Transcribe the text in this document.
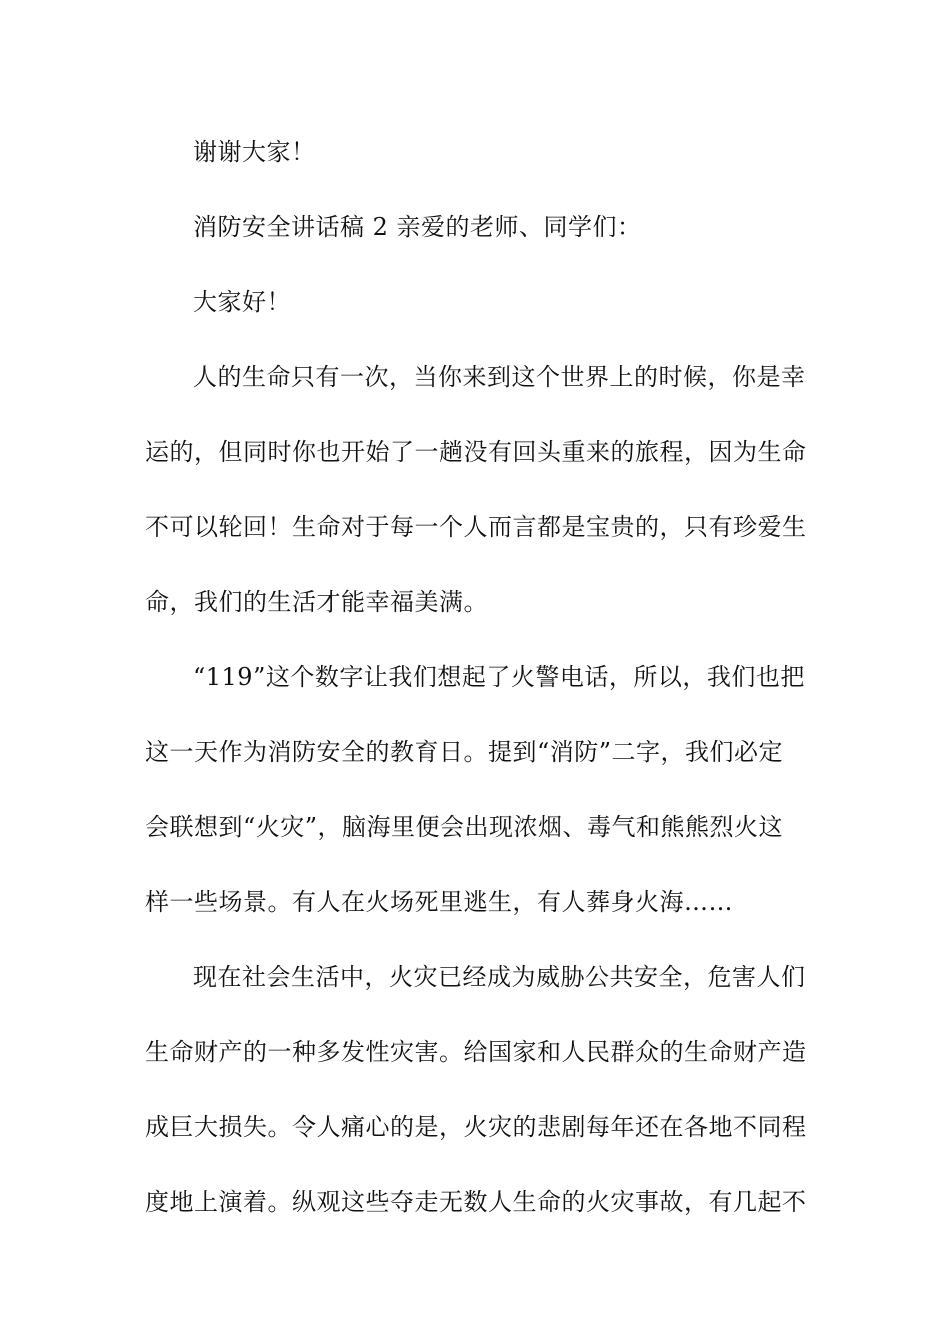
谢谢大家！
消防安全讲话稿 2 亲爱的老师、同学们：
大家好！
人的生命只有一次，当你来到这个世界上的时候，你是幸
运的，但同时你也开始了一趟没有回头重来的旅程，因为生命
不可以轮回！生命对于每一个人而言都是宝贵的，只有珍爱生
命，我们的生活才能幸福美满。
“119”这个数字让我们想起了火警电话，所以，我们也把
这一天作为消防安全的教育日。提到“消防”二字，我们必定
会联想到“火灾”，脑海里便会出现浓烟、毒气和熊熊烈火这
样一些场景。有人在火场死里逃生，有人葬身火海……
现在社会生活中，火灾已经成为威胁公共安全，危害人们
生命财产的一种多发性灾害。给国家和人民群众的生命财产造
成巨大损失。令人痛心的是，火灾的悲剧每年还在各地不同程
度地上演着。纵观这些夺走无数人生命的火灾事故，有几起不
